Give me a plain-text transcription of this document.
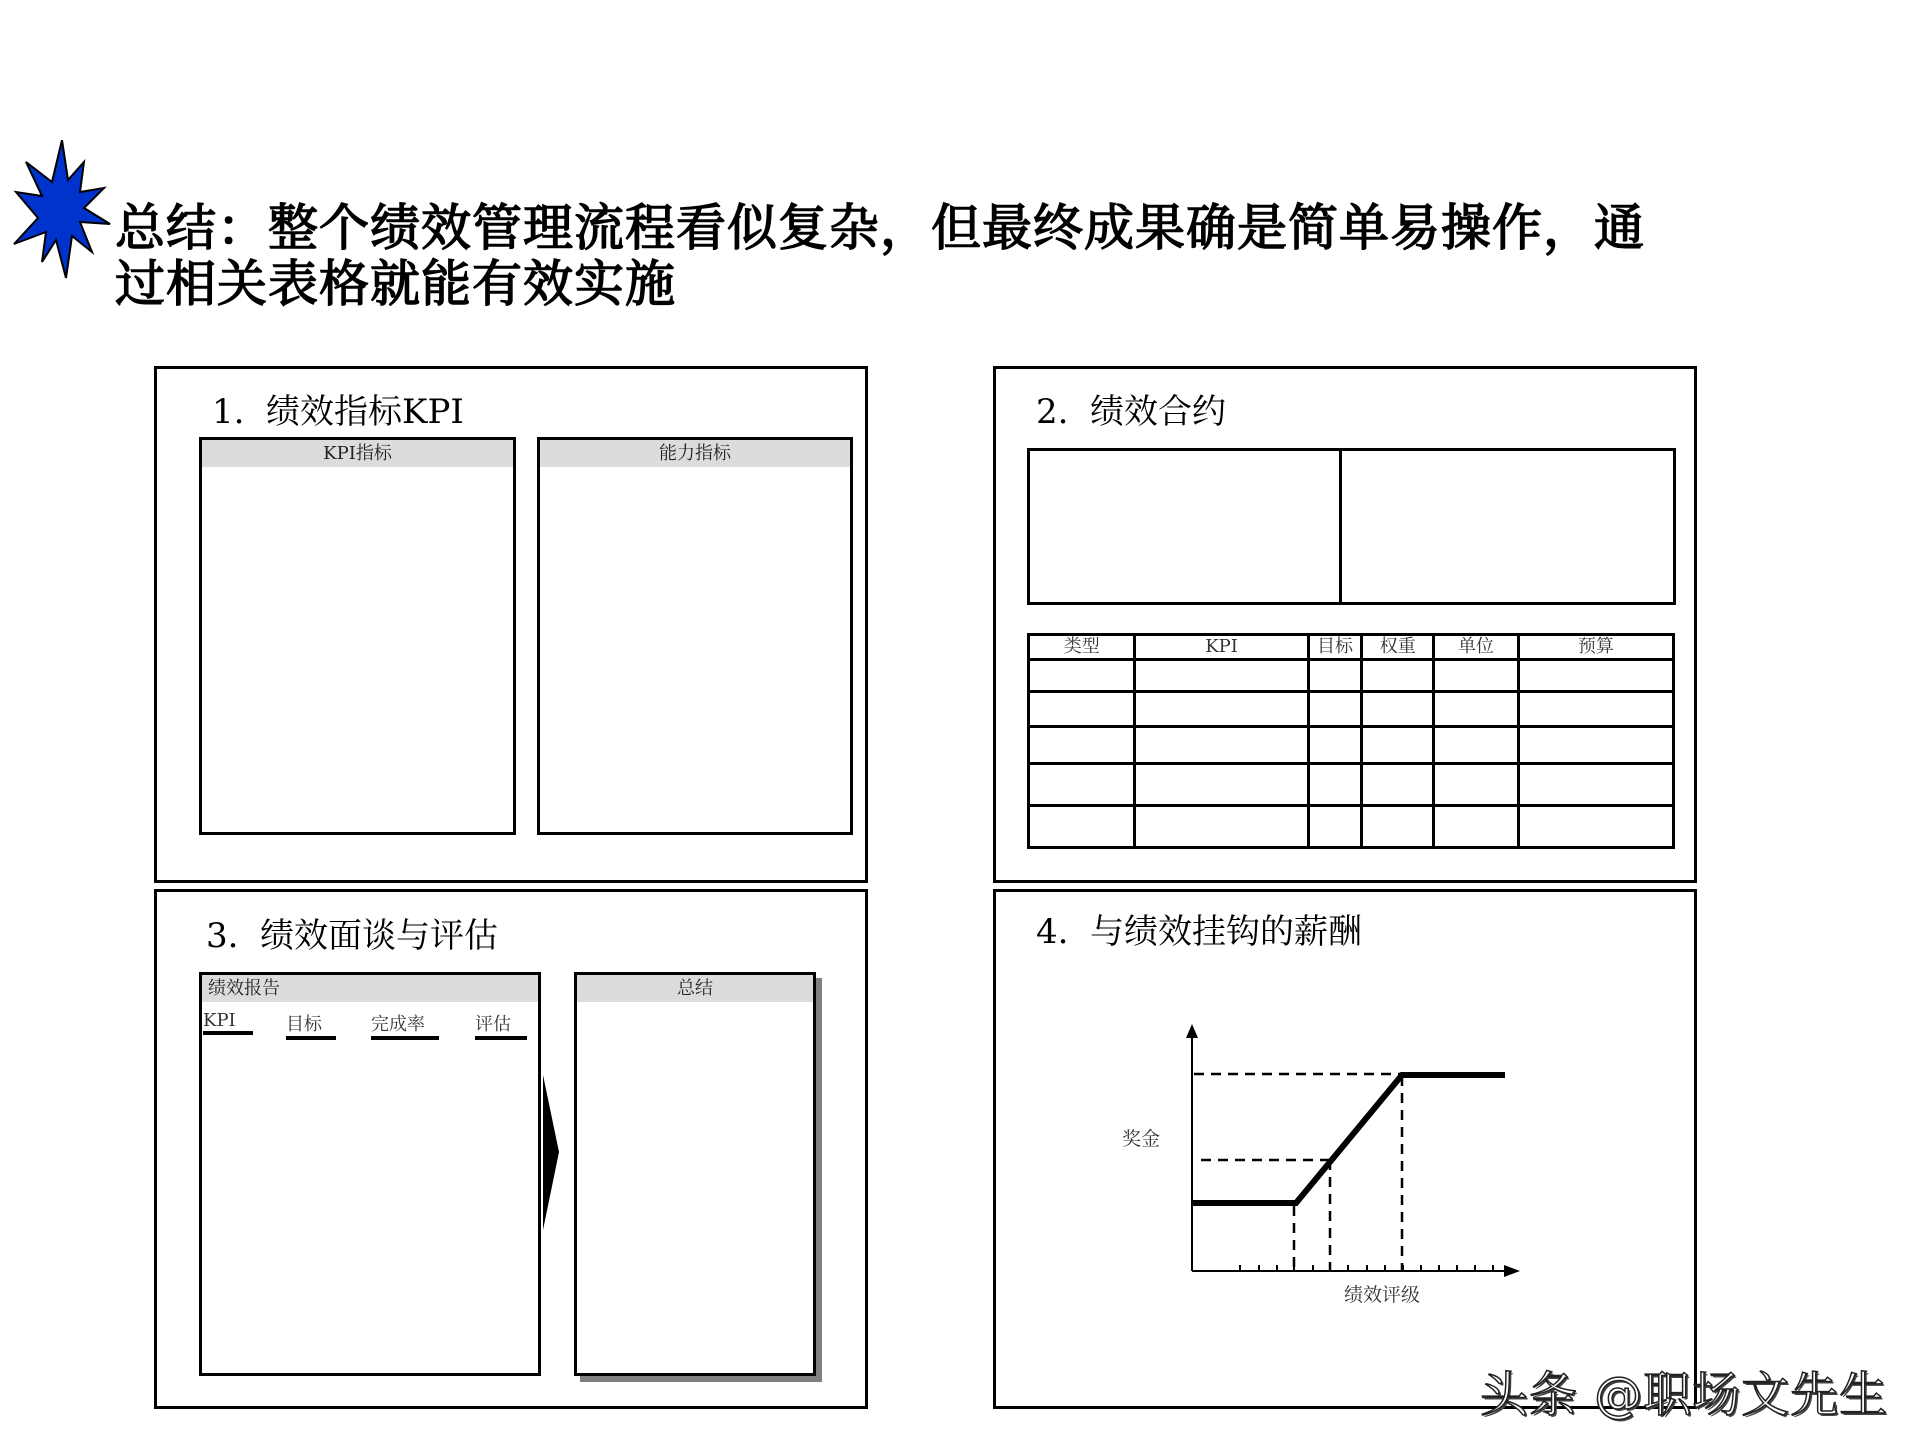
总结：整个绩效管理流程看似复杂，但最终成果确是简单易操作，通
过相关表格就能有效实施
1.  绩效指标KPI
KPI指标	能力指标
2.  绩效合约
类型	KPI	目标	权重	单位	预算

3.  绩效面谈与评估
绩效报告
KPI	目标	完成率	评估
总结
4.  与绩效挂钩的薪酬
奖金
绩效评级
头条 @职场文先生
